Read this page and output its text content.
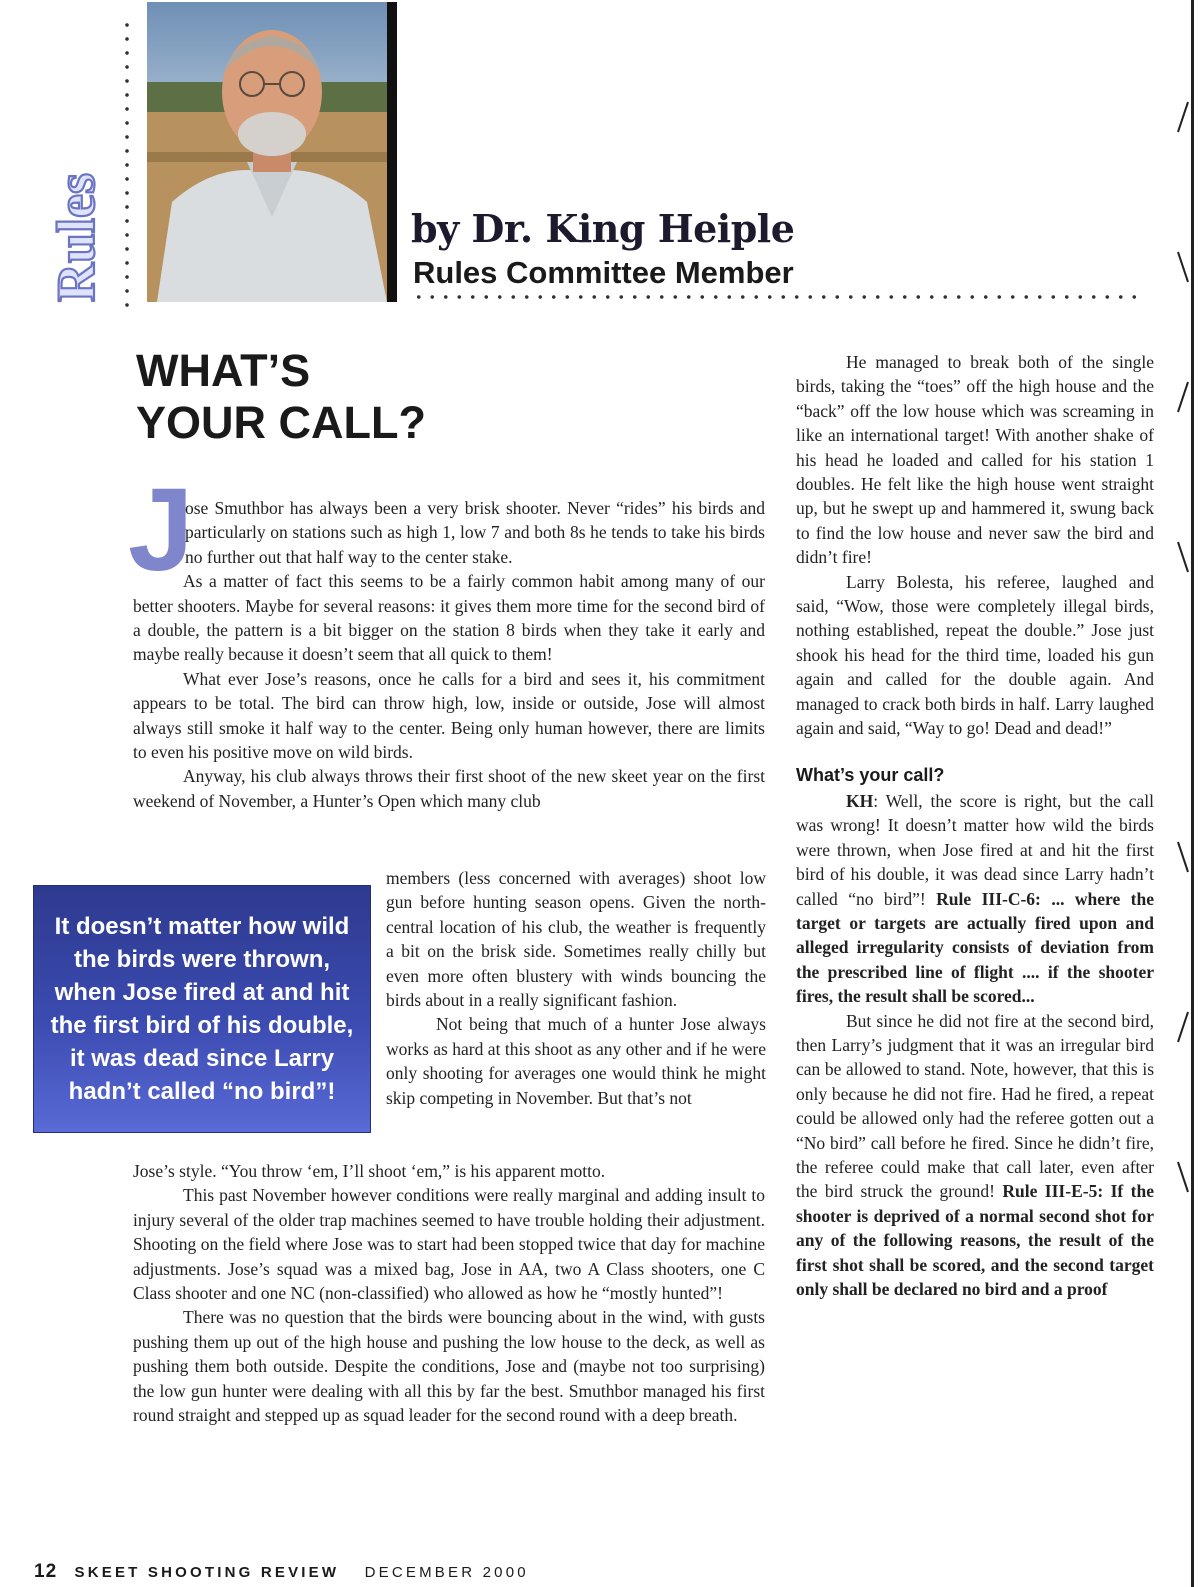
Rules	by Dr. King Heiple
Rules Committee Member
WHAT’S
YOUR CALL?
J

ose Smuthbor has always been a very brisk shooter. Never “rides” his birds and particularly on stations such as high 1, low 7 and both 8s he tends to take his birds no further out that half way to the center stake.

As a matter of fact this seems to be a fairly common habit among many of our better shooters. Maybe for several reasons: it gives them more time for the second bird of a double, the pattern is a bit bigger on the station 8 birds when they take it early and maybe really because it doesn’t seem that all quick to them!

What ever Jose’s reasons, once he calls for a bird and sees it, his commitment appears to be total. The bird can throw high, low, inside or outside, Jose will almost always still smoke it half way to the center. Being only human however, there are limits to even his positive move on wild birds.

Anyway, his club always throws their first shoot of the new skeet year on the first weekend of November, a Hunter’s Open which many club

It doesn’t matter how wild the birds were thrown, when Jose fired at and hit the first bird of his double, it was dead since Larry hadn’t called “no bird”!

members (less concerned with averages) shoot low gun before hunting season opens. Given the north-central location of his club, the weather is frequently a bit on the brisk side. Sometimes really chilly but even more often blustery with winds bouncing the birds about in a really significant fashion.

Not being that much of a hunter Jose always works as hard at this shoot as any other and if he were only shooting for averages one would think he might skip competing in November. But that’s not

Jose’s style. “You throw ‘em, I’ll shoot ‘em,” is his apparent motto.

This past November however conditions were really marginal and adding insult to injury several of the older trap machines seemed to have trouble holding their adjustment. Shooting on the field where Jose was to start had been stopped twice that day for machine adjustments. Jose’s squad was a mixed bag, Jose in AA, two A Class shooters, one C Class shooter and one NC (non-classified) who allowed as how he “mostly hunted”!

There was no question that the birds were bouncing about in the wind, with gusts pushing them up out of the high house and pushing the low house to the deck, as well as pushing them both outside. Despite the conditions, Jose and (maybe not too surprising) the low gun hunter were dealing with all this by far the best. Smuthbor managed his first round straight and stepped up as squad leader for the second round with a deep breath.

He managed to break both of the single birds, taking the “toes” off the high house and the “back” off the low house which was screaming in like an international target! With another shake of his head he loaded and called for his station 1 doubles. He felt like the high house went straight up, but he swept up and hammered it, swung back to find the low house and never saw the bird and didn’t fire!

Larry Bolesta, his referee, laughed and said, “Wow, those were completely illegal birds, nothing established, repeat the double.” Jose just shook his head for the third time, loaded his gun again and called for the double again. And managed to crack both birds in half. Larry laughed again and said, “Way to go! Dead and dead!”

What’s your call?

KH: Well, the score is right, but the call was wrong! It doesn’t matter how wild the birds were thrown, when Jose fired at and hit the first bird of his double, it was dead since Larry hadn’t called “no bird”! Rule III-C-6: ... where the target or targets are actually fired upon and alleged irregularity consists of deviation from the prescribed line of flight .... if the shooter fires, the result shall be scored...

But since he did not fire at the second bird, then Larry’s judgment that it was an irregular bird can be allowed to stand. Note, however, that this is only because he did not fire. Had he fired, a repeat could be allowed only had the referee gotten out a “No bird” call before he fired. Since he didn’t fire, the referee could make that call later, even after the bird struck the ground! Rule III-E-5: If the shooter is deprived of a normal second shot for any of the following reasons, the result of the first shot shall be scored, and the second target only shall be declared no bird and a proof

12 SKEET SHOOTING REVIEW DECEMBER 2000
